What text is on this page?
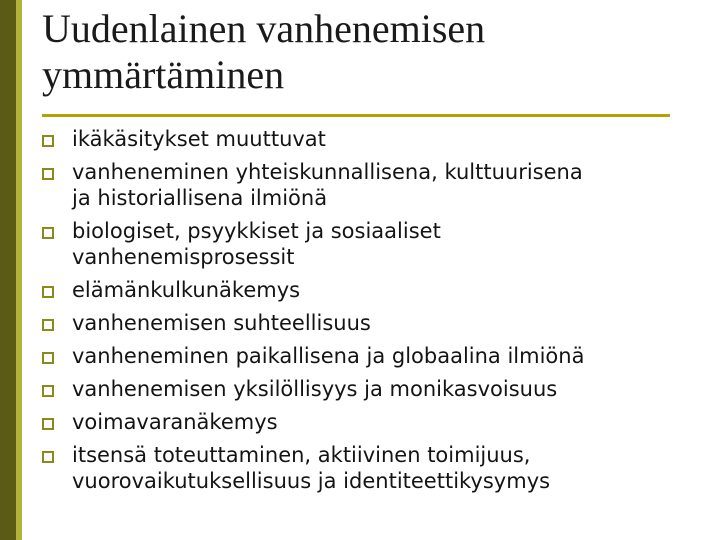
Uudenlainen vanhenemisen
ymmärtäminen
ikäkäsitykset muuttuvat
vanheneminen yhteiskunnallisena, kulttuurisena
ja historiallisena ilmiönä
biologiset, psyykkiset ja sosiaaliset
vanhenemisprosessit
elämänkulkunäkemys
vanhenemisen suhteellisuus
vanheneminen paikallisena ja globaalina ilmiönä
vanhenemisen yksilöllisyys ja monikasvoisuus
voimavaranäkemys
itsensä toteuttaminen, aktiivinen toimijuus,
vuorovaikutuksellisuus ja identiteettikysymys
